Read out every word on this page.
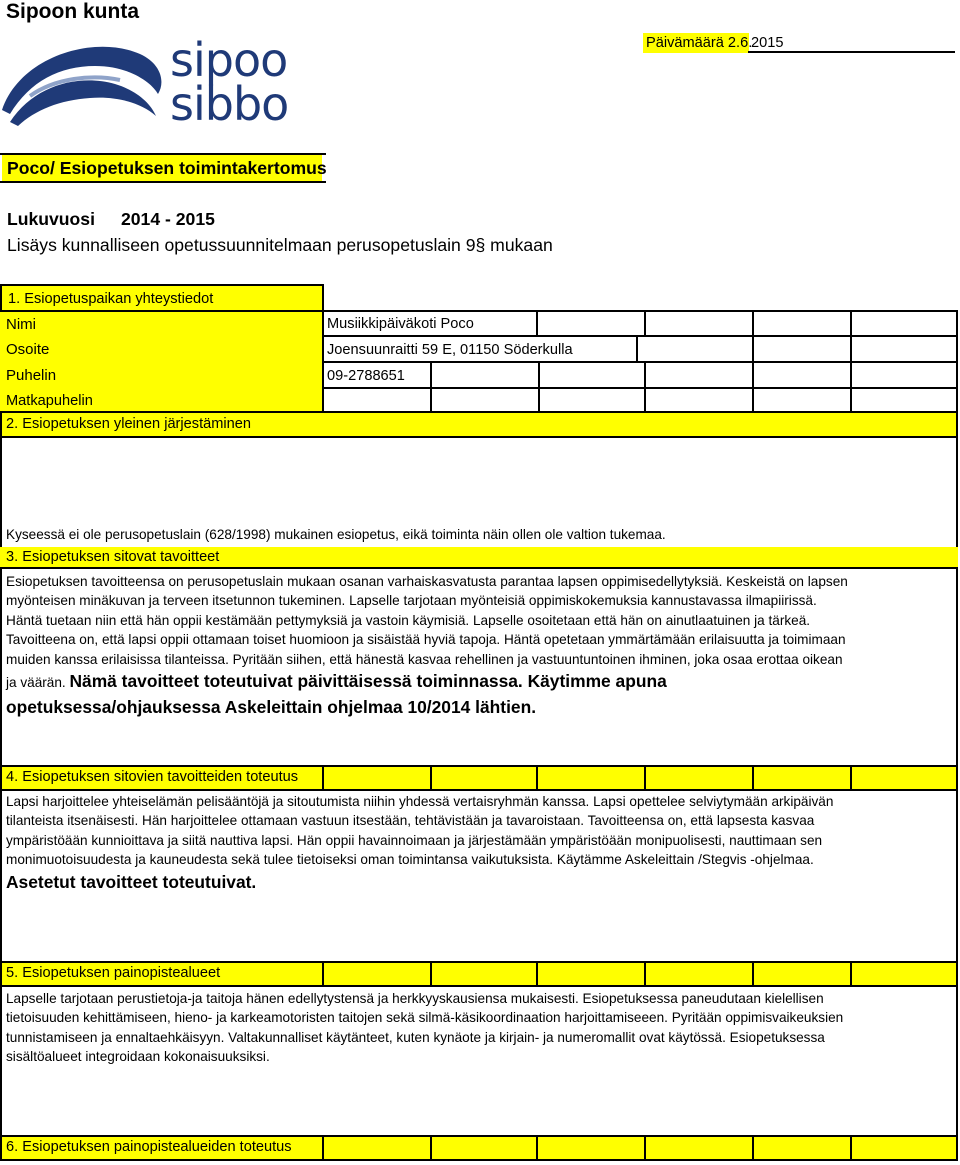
Sipoon kunta
sipoo
sibbo
Päivämäärä 2.6.
2015
Poco/ Esiopetuksen toimintakertomus
Lukuvuosi 2014 - 2015
Lisäys kunnalliseen opetussuunnitelmaan perusopetuslain 9§ mukaan
1. Esiopetuspaikan yhteystiedot
Nimi	Musiikkipäiväkoti Poco
Osoite	Joensuunraitti 59 E, 01150 Söderkulla
Puhelin	09-2788651
Matkapuhelin
2. Esiopetuksen yleinen järjestäminen
Kyseessä ei ole perusopetuslain (628/1998) mukainen esiopetus, eikä toiminta näin ollen ole valtion tukemaa.
3. Esiopetuksen sitovat tavoitteet
Esiopetuksen tavoitteensa on perusopetuslain mukaan osanan varhaiskasvatusta parantaa lapsen oppimisedellytyksiä. Keskeistä on lapsen
myönteisen minäkuvan ja terveen itsetunnon tukeminen. Lapselle tarjotaan myönteisiä oppimiskokemuksia kannustavassa ilmapiirissä.
Häntä tuetaan niin että hän oppii kestämään pettymyksiä ja vastoin käymisiä. Lapselle osoitetaan että hän on ainutlaatuinen ja tärkeä.
Tavoitteena on, että lapsi oppii ottamaan toiset huomioon ja sisäistää hyviä tapoja. Häntä opetetaan ymmärtämään erilaisuutta ja toimimaan
muiden kanssa erilaisissa tilanteissa. Pyritään siihen, että hänestä kasvaa rehellinen ja vastuuntuntoinen ihminen, joka osaa erottaa oikean
ja väärän. Nämä tavoitteet toteutuivat päivittäisessä toiminnassa. Käytimme apuna
opetuksessa/ohjauksessa Askeleittain ohjelmaa 10/2014 lähtien.
4. Esiopetuksen sitovien tavoitteiden toteutus
Lapsi harjoittelee yhteiselämän pelisääntöjä ja sitoutumista niihin yhdessä vertaisryhmän kanssa. Lapsi opettelee selviytymään arkipäivän
tilanteista itsenäisesti. Hän harjoittelee ottamaan vastuun itsestään, tehtävistään ja tavaroistaan. Tavoitteensa on, että lapsesta kasvaa
ympäristöään kunnioittava ja siitä nauttiva lapsi. Hän oppii havainnoimaan ja järjestämään ympäristöään monipuolisesti, nauttimaan sen
monimuotoisuudesta ja kauneudesta sekä tulee tietoiseksi oman toimintansa vaikutuksista. Käytämme Askeleittain /Stegvis -ohjelmaa.
Asetetut tavoitteet toteutuivat.
5. Esiopetuksen painopistealueet
Lapselle tarjotaan perustietoja-ja taitoja hänen edellytystensä ja herkkyyskausiensa mukaisesti. Esiopetuksessa paneudutaan kielellisen
tietoisuuden kehittämiseen, hieno- ja karkeamotoristen taitojen sekä silmä-käsikoordinaation harjoittamiseeen. Pyritään oppimisvaikeuksien
tunnistamiseen ja ennaltaehkäisyyn. Valtakunnalliset käytänteet, kuten kynäote ja kirjain- ja numeromallit ovat käytössä. Esiopetuksessa
sisältöalueet integroidaan kokonaisuuksiksi.
6. Esiopetuksen painopistealueiden toteutus
